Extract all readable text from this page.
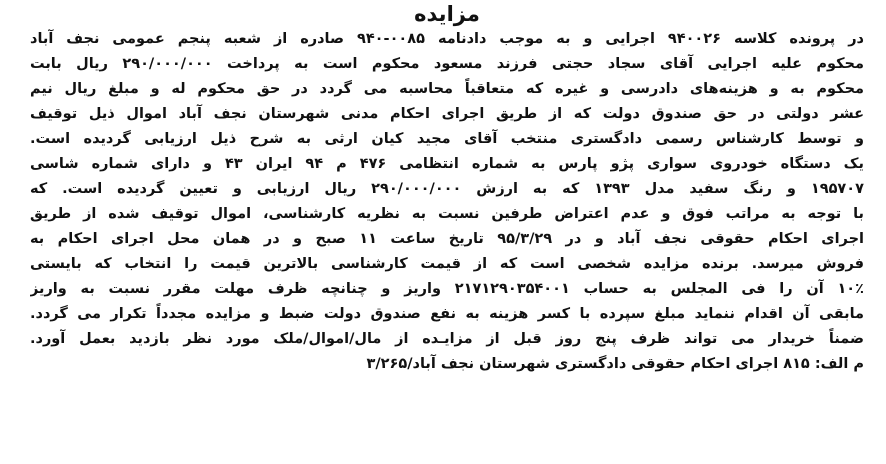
مزایده
در پرونده کلاسه ۹۴۰۰۲۶ اجرایی و به موجب دادنامه ۰۰۸۵-۹۴۰ صادره از شعبه پنجم عمومی نجف آباد
محکوم علیه اجرایی آقای سجاد حجتی فرزند مسعود محکوم است به پرداخت ۲۹۰/۰۰۰/۰۰۰ ریال بابت
محکوم به و هزینه‌های دادرسی و غیره که متعاقباً محاسبه می گردد در حق محکوم له و مبلغ ریال نیم
عشر دولتی در حق صندوق دولت که از طریق اجرای احکام مدنی شهرستان نجف آباد اموال ذیل توقیف
و توسط کارشناس رسمی دادگستری منتخب آقای مجید کیان ارثی به شرح ذیل ارزیابی گردیده است.
یک دستگاه خودروی سواری پژو پارس به شماره انتظامی ۴۷۶ م ۹۴ ایران ۴۳ و دارای شماره شاسی
۱۹۵۷۰۷ و رنگ سفید مدل ۱۳۹۳ که به ارزش ۲۹۰/۰۰۰/۰۰۰ ریال ارزیابی و تعیین گردیده است. که
با توجه به مراتب فوق و عدم اعتراض طرفین نسبت به نظریه کارشناسی، اموال توقیف شده از طریق
اجرای احکام حقوقی نجف آباد و در ۹۵/۳/۲۹ تاریخ ساعت ۱۱ صبح و در همان محل اجرای احکام به
فروش میرسد. برنده مزایده شخصی است که از قیمت کارشناسی بالاترین قیمت را انتخاب که بایستی
۱۰٪ آن را فی المجلس به حساب ۲۱۷۱۲۹۰۳۵۴۰۰۱ واریز و چنانچه ظرف مهلت مقرر نسبت به واریز
مابقی آن اقدام ننماید مبلغ سپرده با کسر هزینه به نفع صندوق دولت ضبط و مزایده مجدداً تکرار می گردد.
ضمناً خریدار می تواند ظرف پنج روز قبل از مزایـده از مال/اموال/ملک مورد نظر بازدید بعمل آورد.
م الف: ۸۱۵ اجرای احکام حقوقی دادگستری شهرستان نجف آباد/۳/۲۶۵
